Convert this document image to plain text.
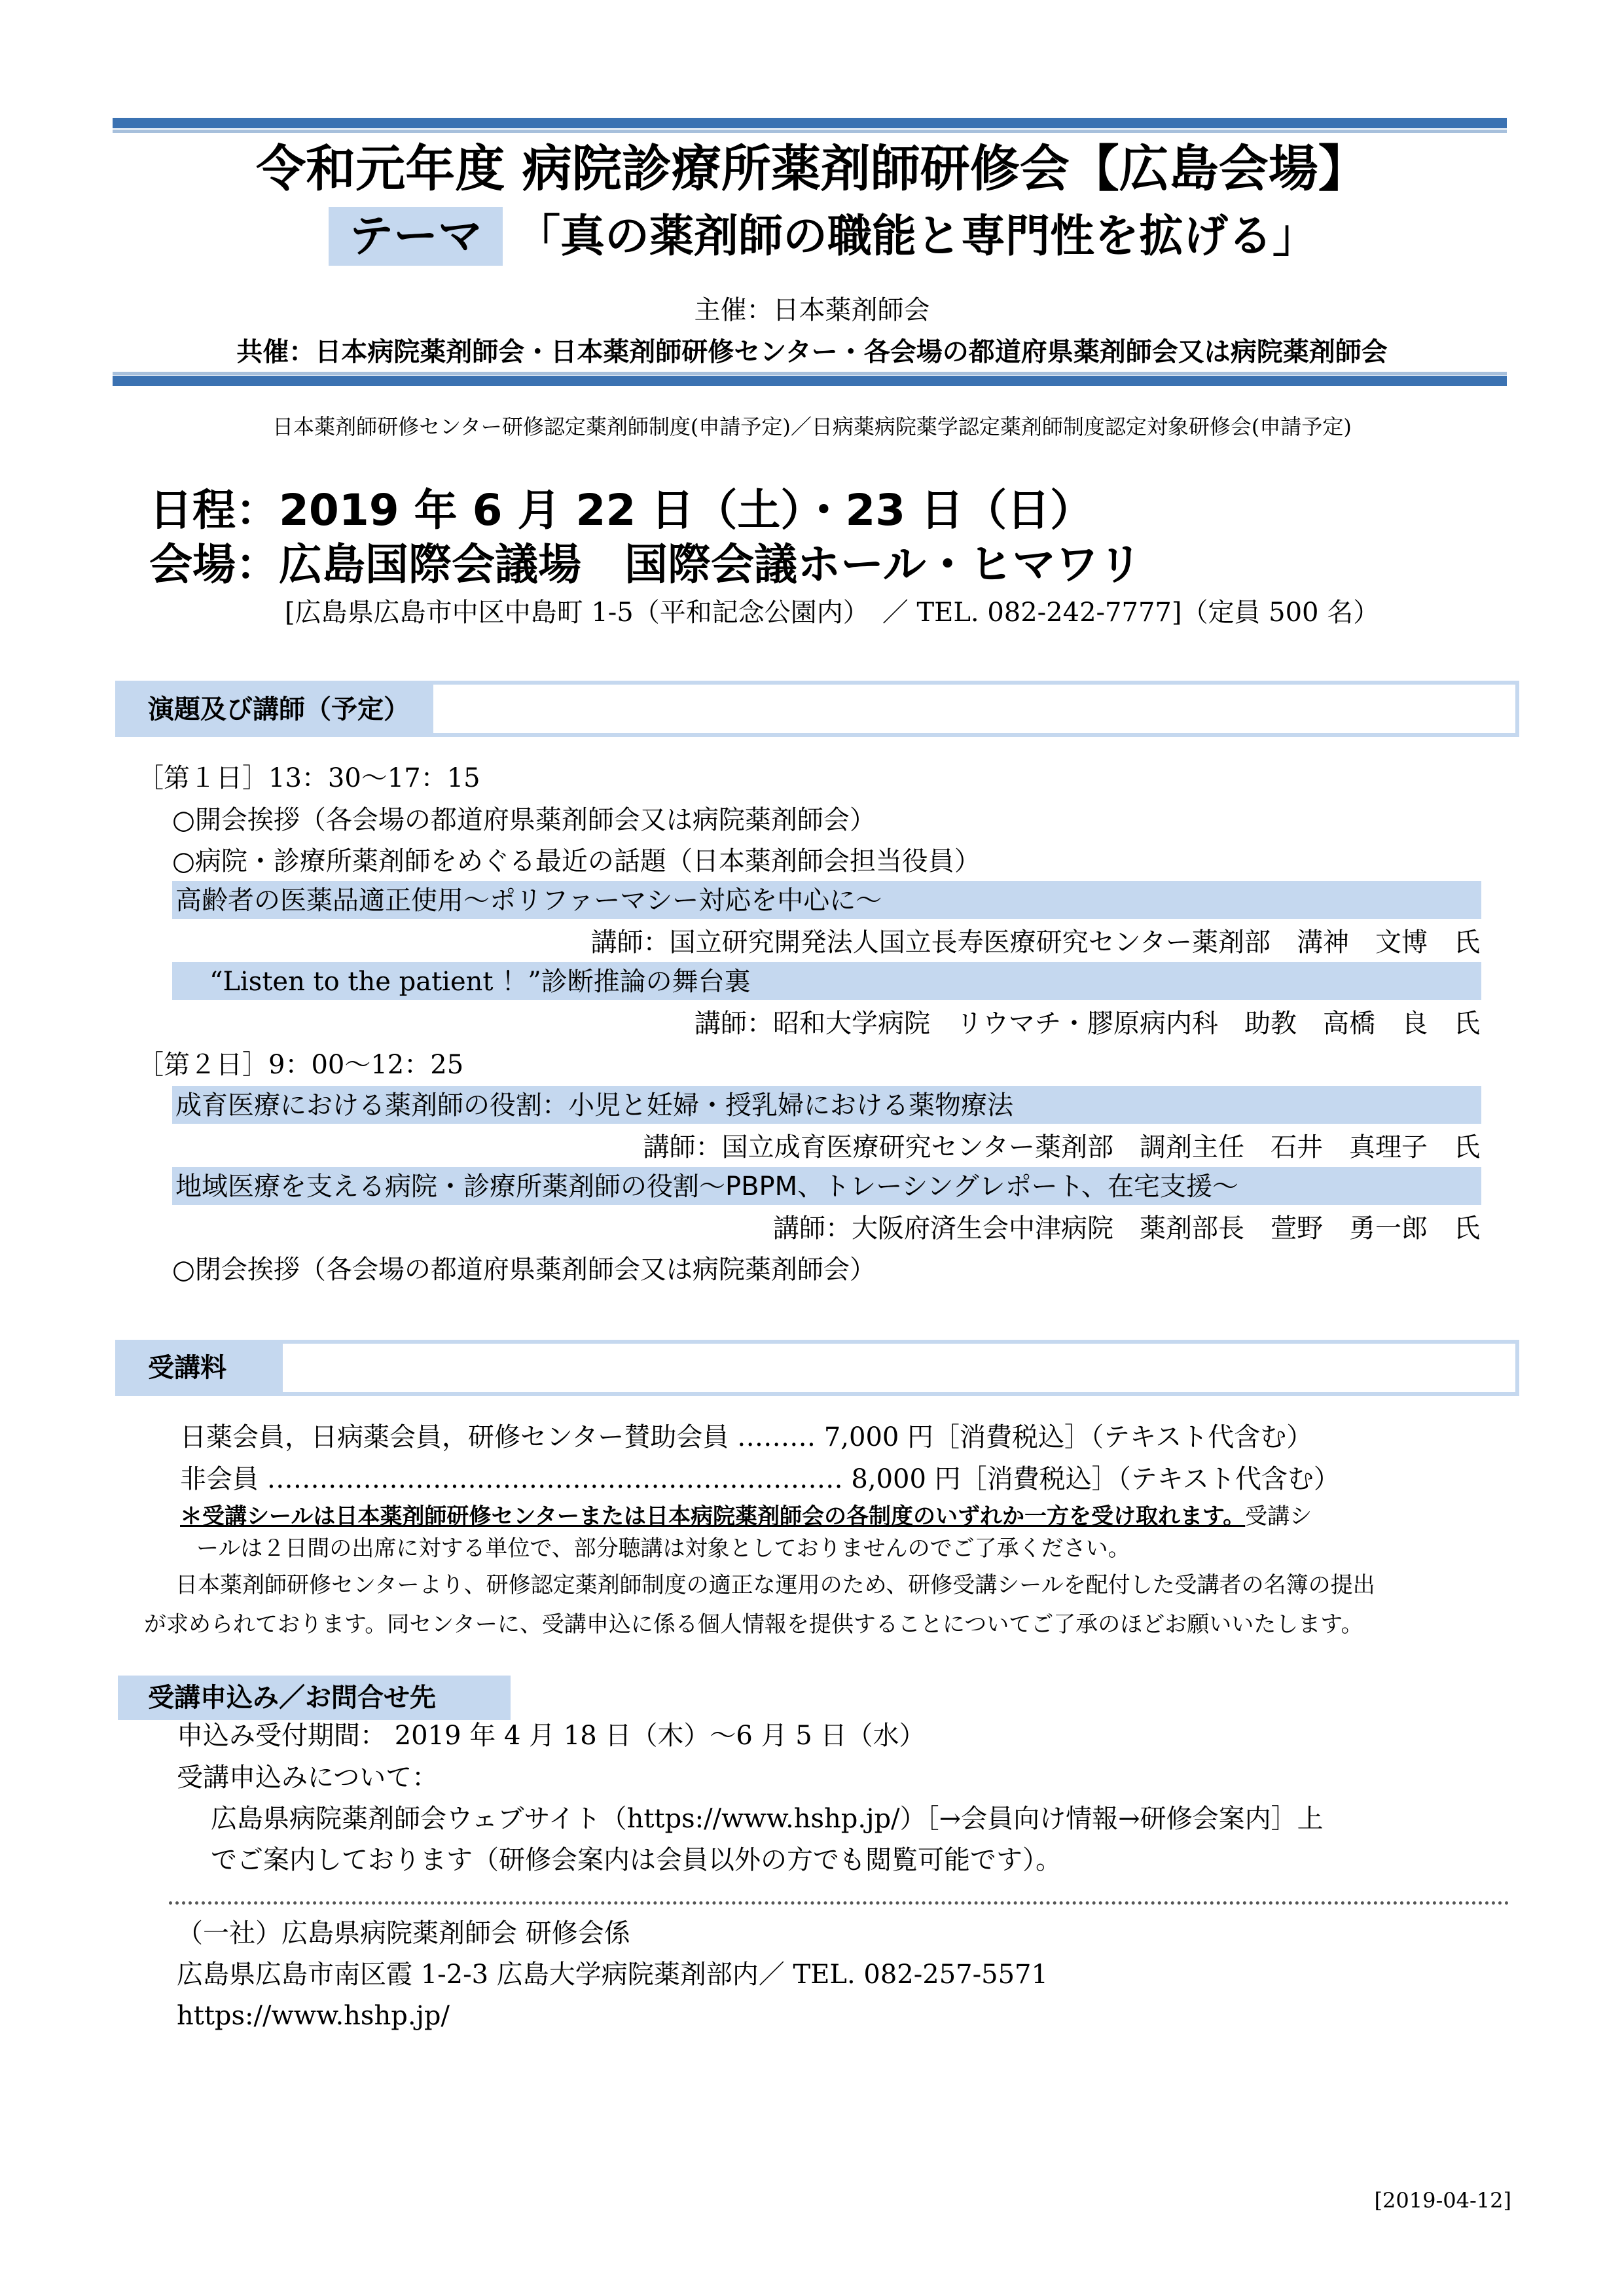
令和元年度 病院診療所薬剤師研修会【広島会場】
テーマ 「真の薬剤師の職能と専門性を拡げる」
主催：日本薬剤師会
共催：日本病院薬剤師会・日本薬剤師研修センター・各会場の都道府県薬剤師会又は病院薬剤師会
日本薬剤師研修センター研修認定薬剤師制度(申請予定)／日病薬病院薬学認定薬剤師制度認定対象研修会(申請予定)
日程：2019 年 6 月 22 日（土）・23 日（日）
会場：広島国際会議場　国際会議ホール・ヒマワリ
[広島県広島市中区中島町 1-5（平和記念公園内）　／ TEL. 082-242-7777]（定員 500 名）
演題及び講師（予定）
［第１日］13：30〜17：15
○開会挨拶（各会場の都道府県薬剤師会又は病院薬剤師会）
○病院・診療所薬剤師をめぐる最近の話題（日本薬剤師会担当役員）
高齢者の医薬品適正使用〜ポリファーマシー対応を中心に〜
講師：国立研究開発法人国立長寿医療研究センター薬剤部　溝神　文博　氏
“Listen to the patient ！”診断推論の舞台裏
講師：昭和大学病院　リウマチ・膠原病内科　助教　高橋　良　氏
［第２日］9：00〜12：25
成育医療における薬剤師の役割：小児と妊婦・授乳婦における薬物療法
講師：国立成育医療研究センター薬剤部　調剤主任　石井　真理子　氏
地域医療を支える病院・診療所薬剤師の役割〜PBPM、トレーシングレポート、在宅支援〜
講師：大阪府済生会中津病院　薬剤部長　萱野　勇一郎　氏
○閉会挨拶（各会場の都道府県薬剤師会又は病院薬剤師会）
受講料
日薬会員，日病薬会員，研修センター賛助会員 ……… 7,000 円［消費税込］（テキスト代含む）
非会員 ………………………………………………………… 8,000 円［消費税込］（テキスト代含む）
＊受講シールは日本薬剤師研修センターまたは日本病院薬剤師会の各制度のいずれか一方を受け取れます。受講シ
ールは２日間の出席に対する単位で、部分聴講は対象としておりませんのでご了承ください。
日本薬剤師研修センターより、研修認定薬剤師制度の適正な運用のため、研修受講シールを配付した受講者の名簿の提出
が求められております。同センターに、受講申込に係る個人情報を提供することについてご了承のほどお願いいたします。
受講申込み／お問合せ先
申込み受付期間： 2019 年 4 月 18 日（木）〜6 月 5 日（水）
受講申込みについて：
広島県病院薬剤師会ウェブサイト（https://www.hshp.jp/）［→会員向け情報→研修会案内］上
でご案内しております（研修会案内は会員以外の方でも閲覧可能です）。
（一社）広島県病院薬剤師会 研修会係
広島県広島市南区霞 1-2-3 広島大学病院薬剤部内／ TEL. 082-257-5571
https://www.hshp.jp/
[2019-04-12]
